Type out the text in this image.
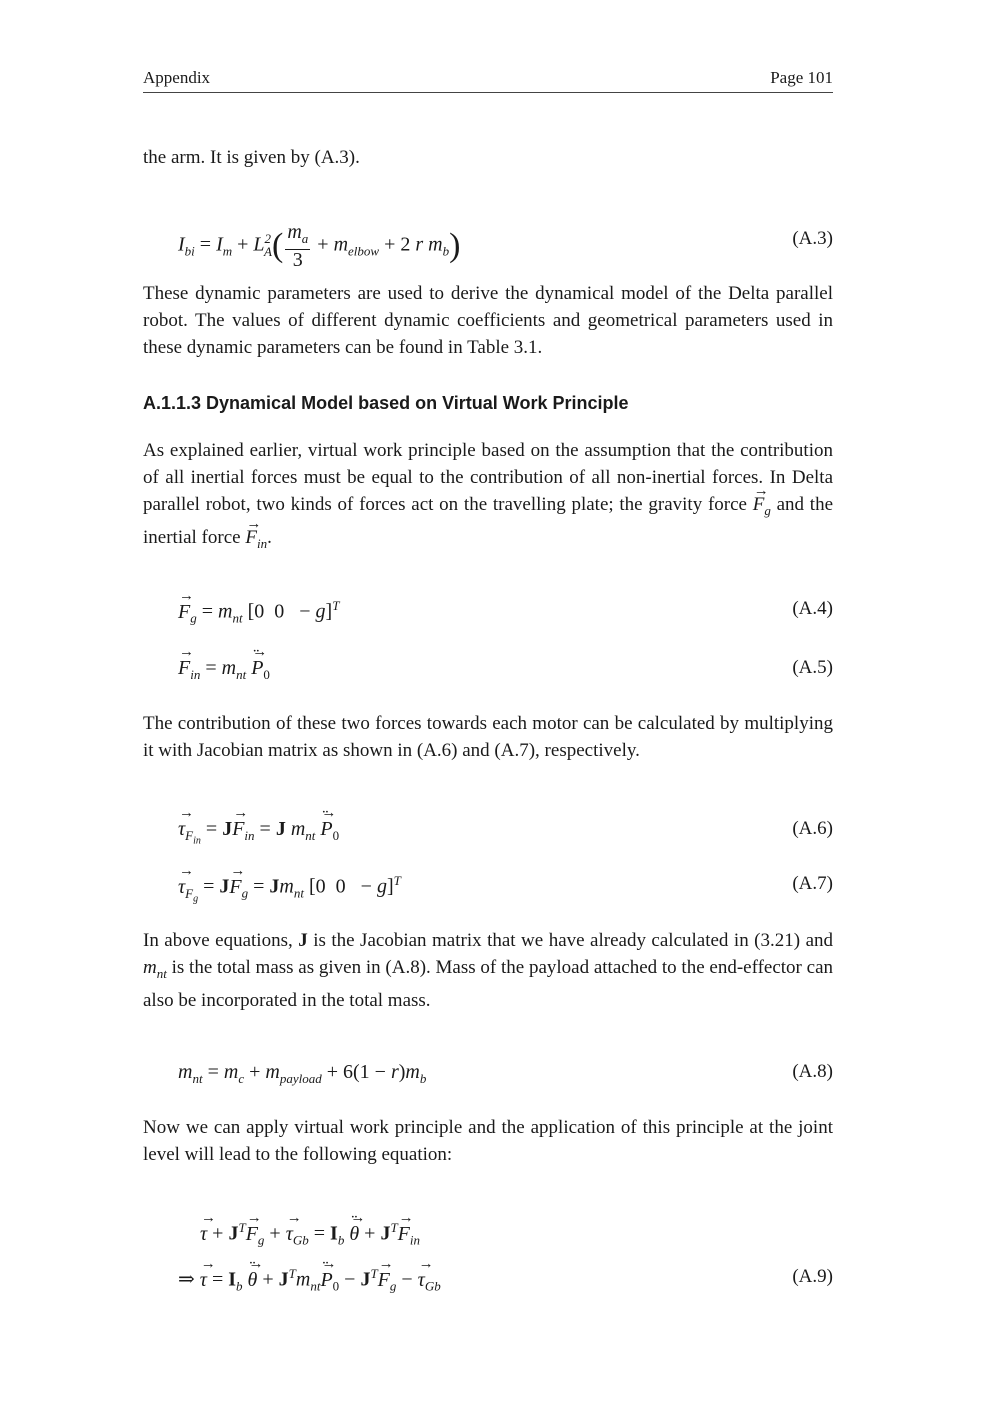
Appendix	Page 101

the arm. It is given by (A.3).

$I_{bi} = I_m + L^2_A( \frac{m_a}{3} + m_{elbow} + 2$ r $m_b$)	(A.3)

These dynamic parameters are used to derive the dynamical model of the Delta parallel robot. The values of different dynamic coefficients and geometrical parameters used in these dynamic parameters can be found in Table 3.1.

A.1.1.3 Dynamical Model based on Virtual Work Principle

As explained earlier, virtual work principle based on the assumption that the contribution of all inertial forces must be equal to the contribution of all non-inertial forces. In Delta parallel robot, two kinds of forces act on the travelling plate; the gravity force → $F_g$ and the inertial force → $F_{in}$.

→ $F_g = m_{nt}$ [0  0   − g]$^T$	(A.4)
→ $F_{in} = m_{nt} \to P$ $¨_0$	(A.5)

The contribution of these two forces towards each motor can be calculated by multiplying it with Jacobian matrix as shown in (A.6) and (A.7), respectively.

→ $\tau_{F_{in}} = J\to F_{in} = J$ $m_{nt} \to P$ $¨_0$	(A.6)
→ $\tau_{F_g} = J\to F_g = Jm_{nt}$ [0  0   − g]$^T$	(A.7)

In above equations, J is the Jacobian matrix that we have already calculated in (3.21) and $m_{nt}$ is the total mass as given in (A.8). Mass of the payload attached to the end-effector can also be incorporated in the total mass.

$m_{nt} = m_c + m_{payload} + 6(1 - r)m_b$	(A.8)

Now we can apply virtual work principle and the application of this principle at the joint level will lead to the following equation:

→ $\tau + J^T\to F_g$ + → $\tau_{Gb} = I_b \to \theta$ ¨ + $J^T\to F_{in}$
⇒ → $\tau = I_b \to \theta$ ¨ + $J^Tm_{nt}\to P$ $¨_0 - J^T\to F_g$ − → $\tau_{Gb}$	(A.9)
